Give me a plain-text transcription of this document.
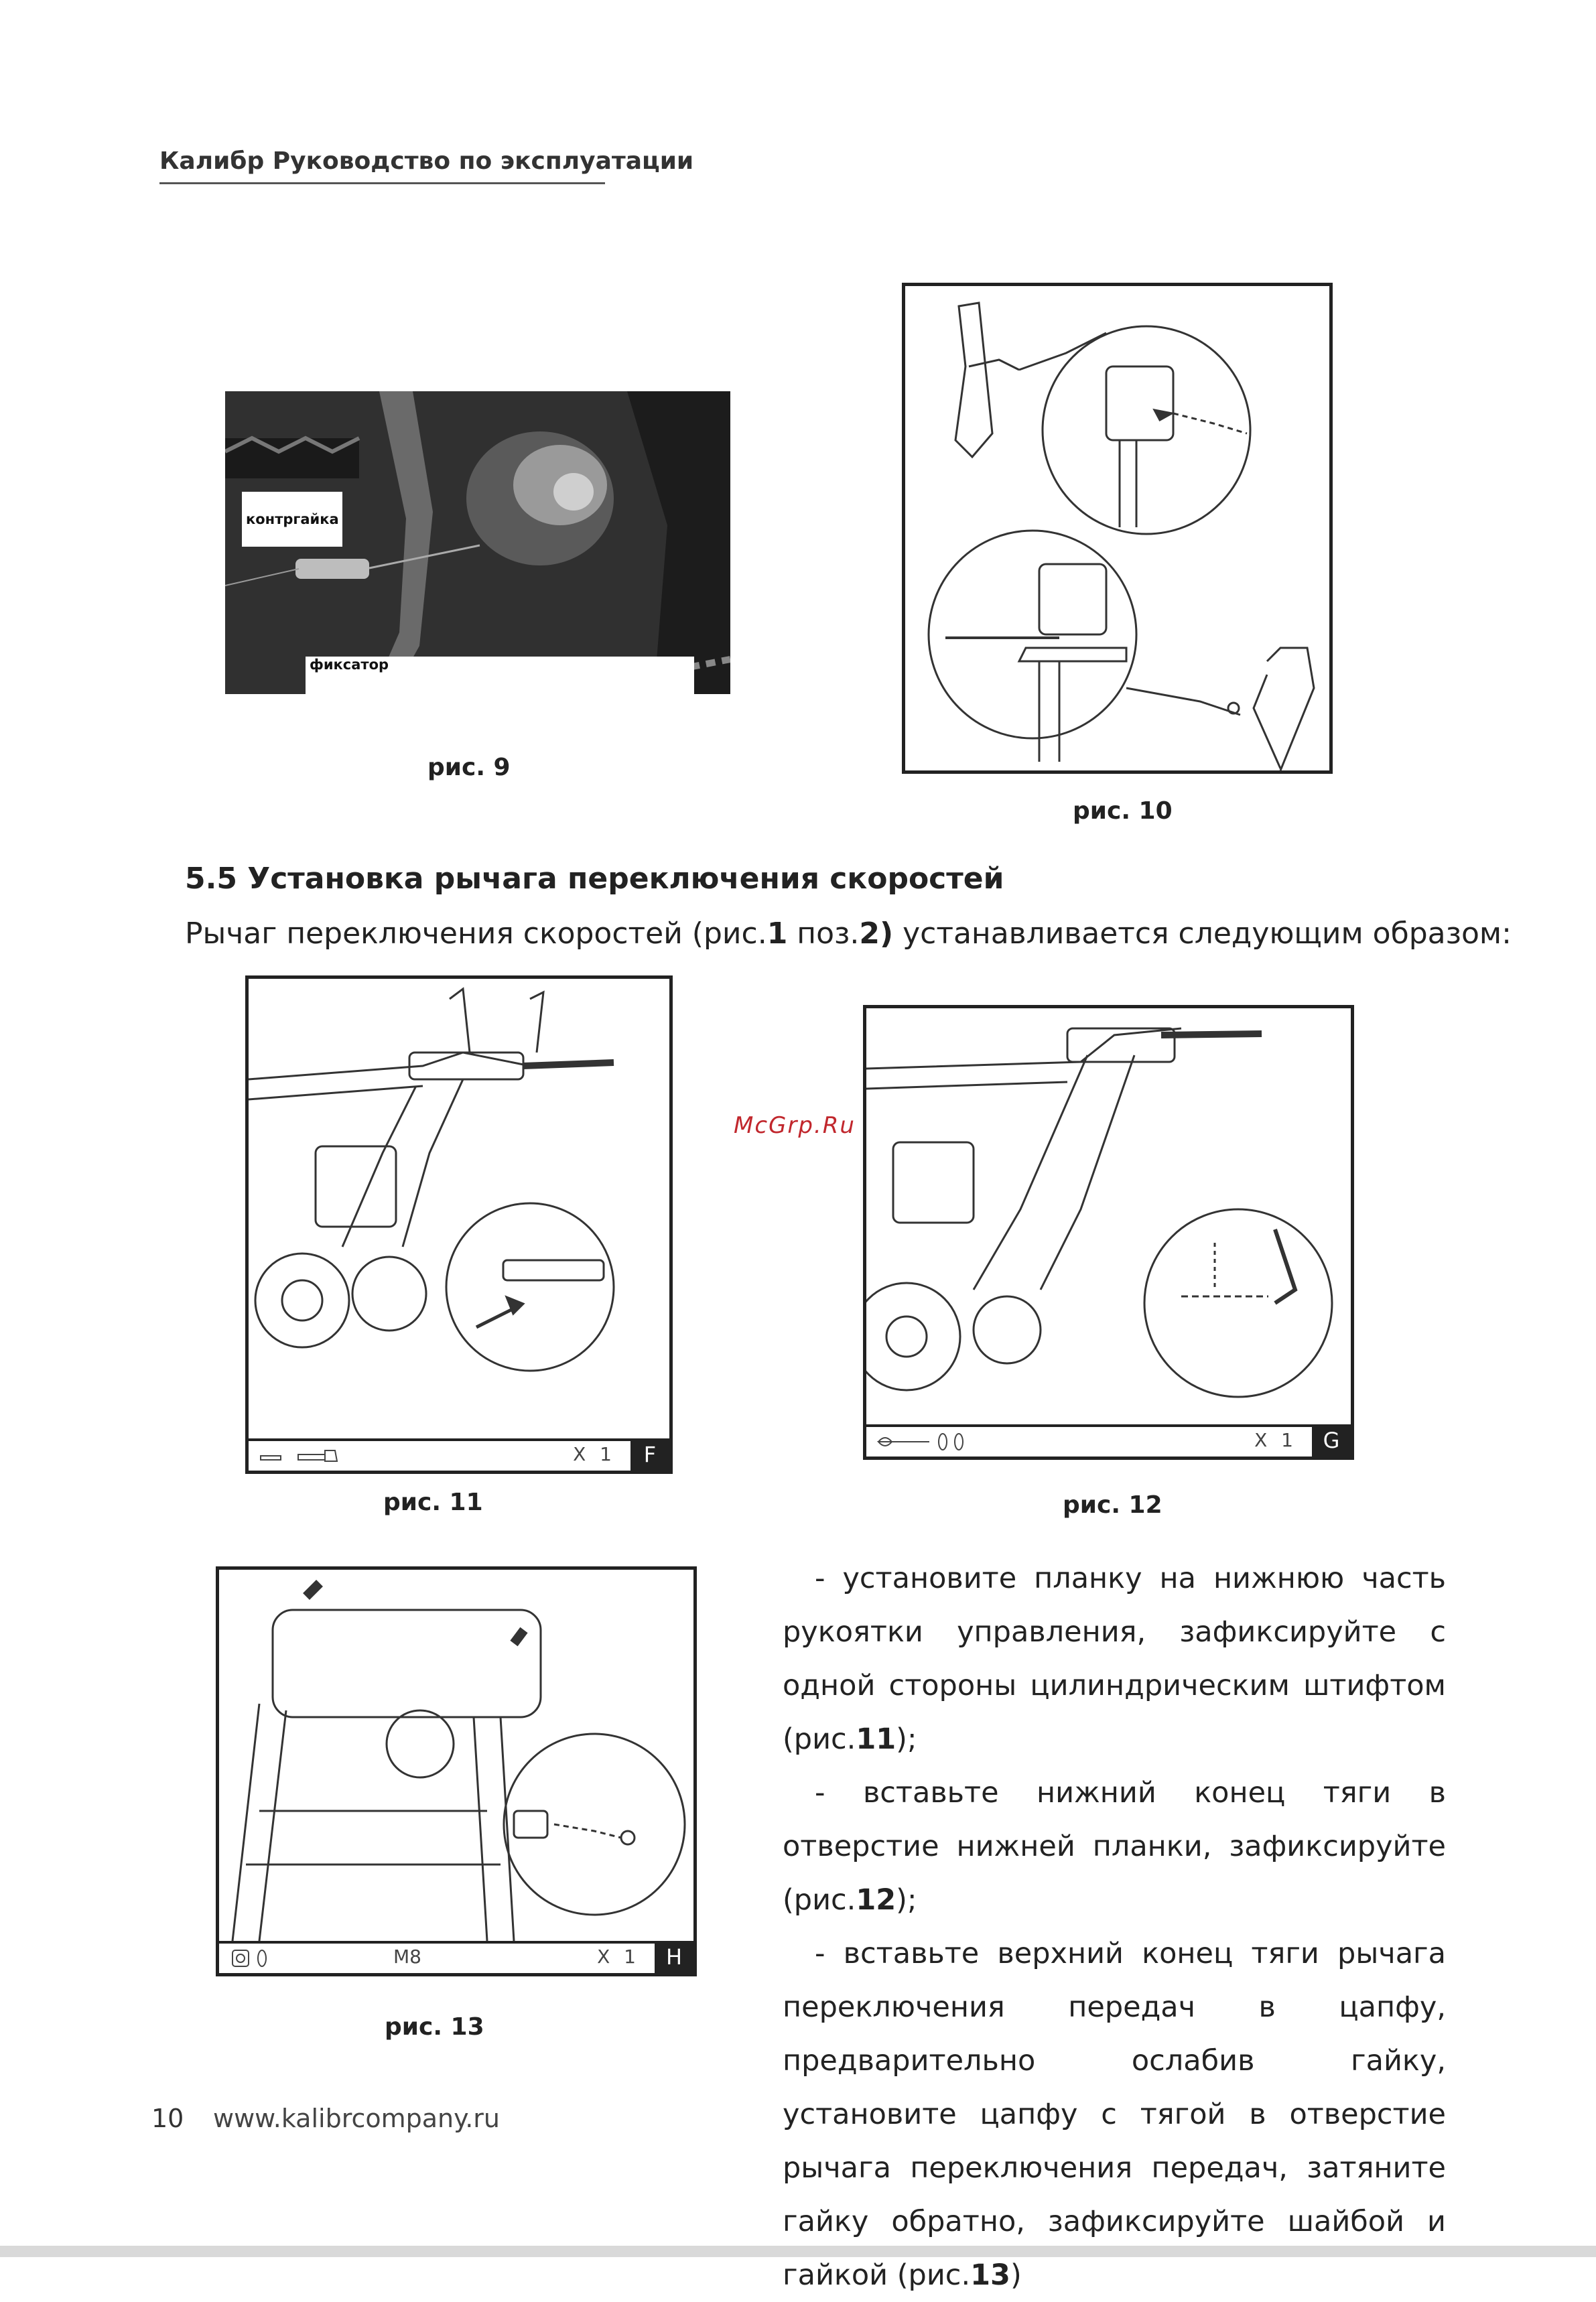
Калибр Руководство по эксплуатации
контргайка
фиксатор
рис. 9
рис. 10
5.5 Установка рычага переключения скоростей
Рычаг переключения скоростей (рис.1 поз.2) устанавливается следующим образом:
X 1	F
рис. 11
X 1	G
рис. 12
McGrp.Ru
M8	X 1	H
рис. 13

- установите планку на нижнюю часть рукоятки управления, зафиксируйте с одной стороны цилиндрическим штифтом (рис.11);

- вставьте нижний конец тяги в отверстие нижней планки, зафиксируйте (рис.12);

- вставьте верхний конец тяги рычага переключения передач в цапфу, предварительно ослабив гайку, установите цапфу с тягой в отверстие рычага переключения передач, затяните гайку обратно, зафиксируйте шайбой и гайкой (рис.13)

10 www.kalibrcompany.ru
